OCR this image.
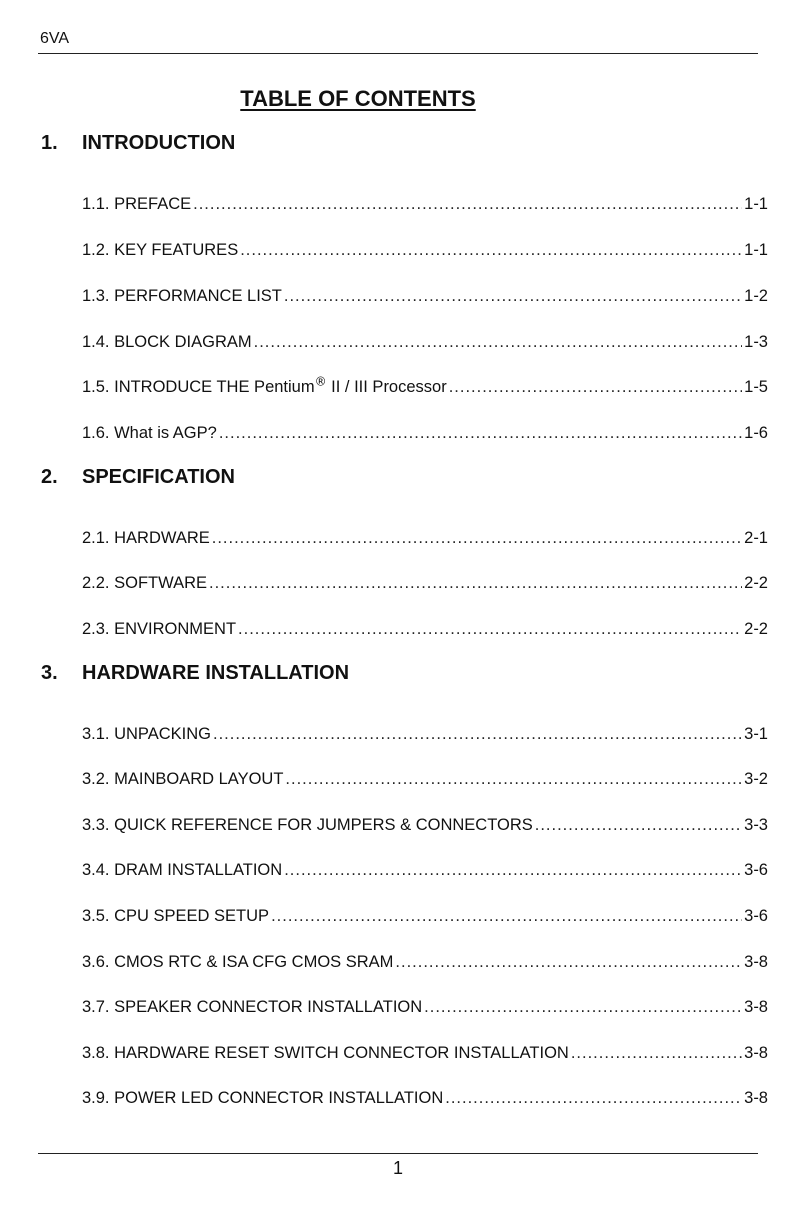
6VA
TABLE OF CONTENTS
1.	INTRODUCTION
1.1. PREFACE .....	1-1
1.2. KEY FEATURES .....	1-1
1.3. PERFORMANCE LIST .....	1-2
1.4. BLOCK DIAGRAM .....	1-3
1.5. INTRODUCE THE Pentium® II / III Processor .....	1-5
1.6. What is AGP? .....	1-6
2.	SPECIFICATION
2.1. HARDWARE .....	2-1
2.2. SOFTWARE .....	2-2
2.3. ENVIRONMENT .....	2-2
3.	HARDWARE INSTALLATION
3.1. UNPACKING .....	3-1
3.2. MAINBOARD LAYOUT .....	3-2
3.3. QUICK REFERENCE FOR JUMPERS & CONNECTORS .....	3-3
3.4. DRAM INSTALLATION .....	3-6
3.5. CPU SPEED SETUP .....	3-6
3.6. CMOS RTC & ISA CFG CMOS SRAM .....	3-8
3.7. SPEAKER CONNECTOR INSTALLATION .....	3-8
3.8. HARDWARE RESET SWITCH CONNECTOR INSTALLATION .....	3-8
3.9. POWER LED CONNECTOR INSTALLATION .....	3-8
1
